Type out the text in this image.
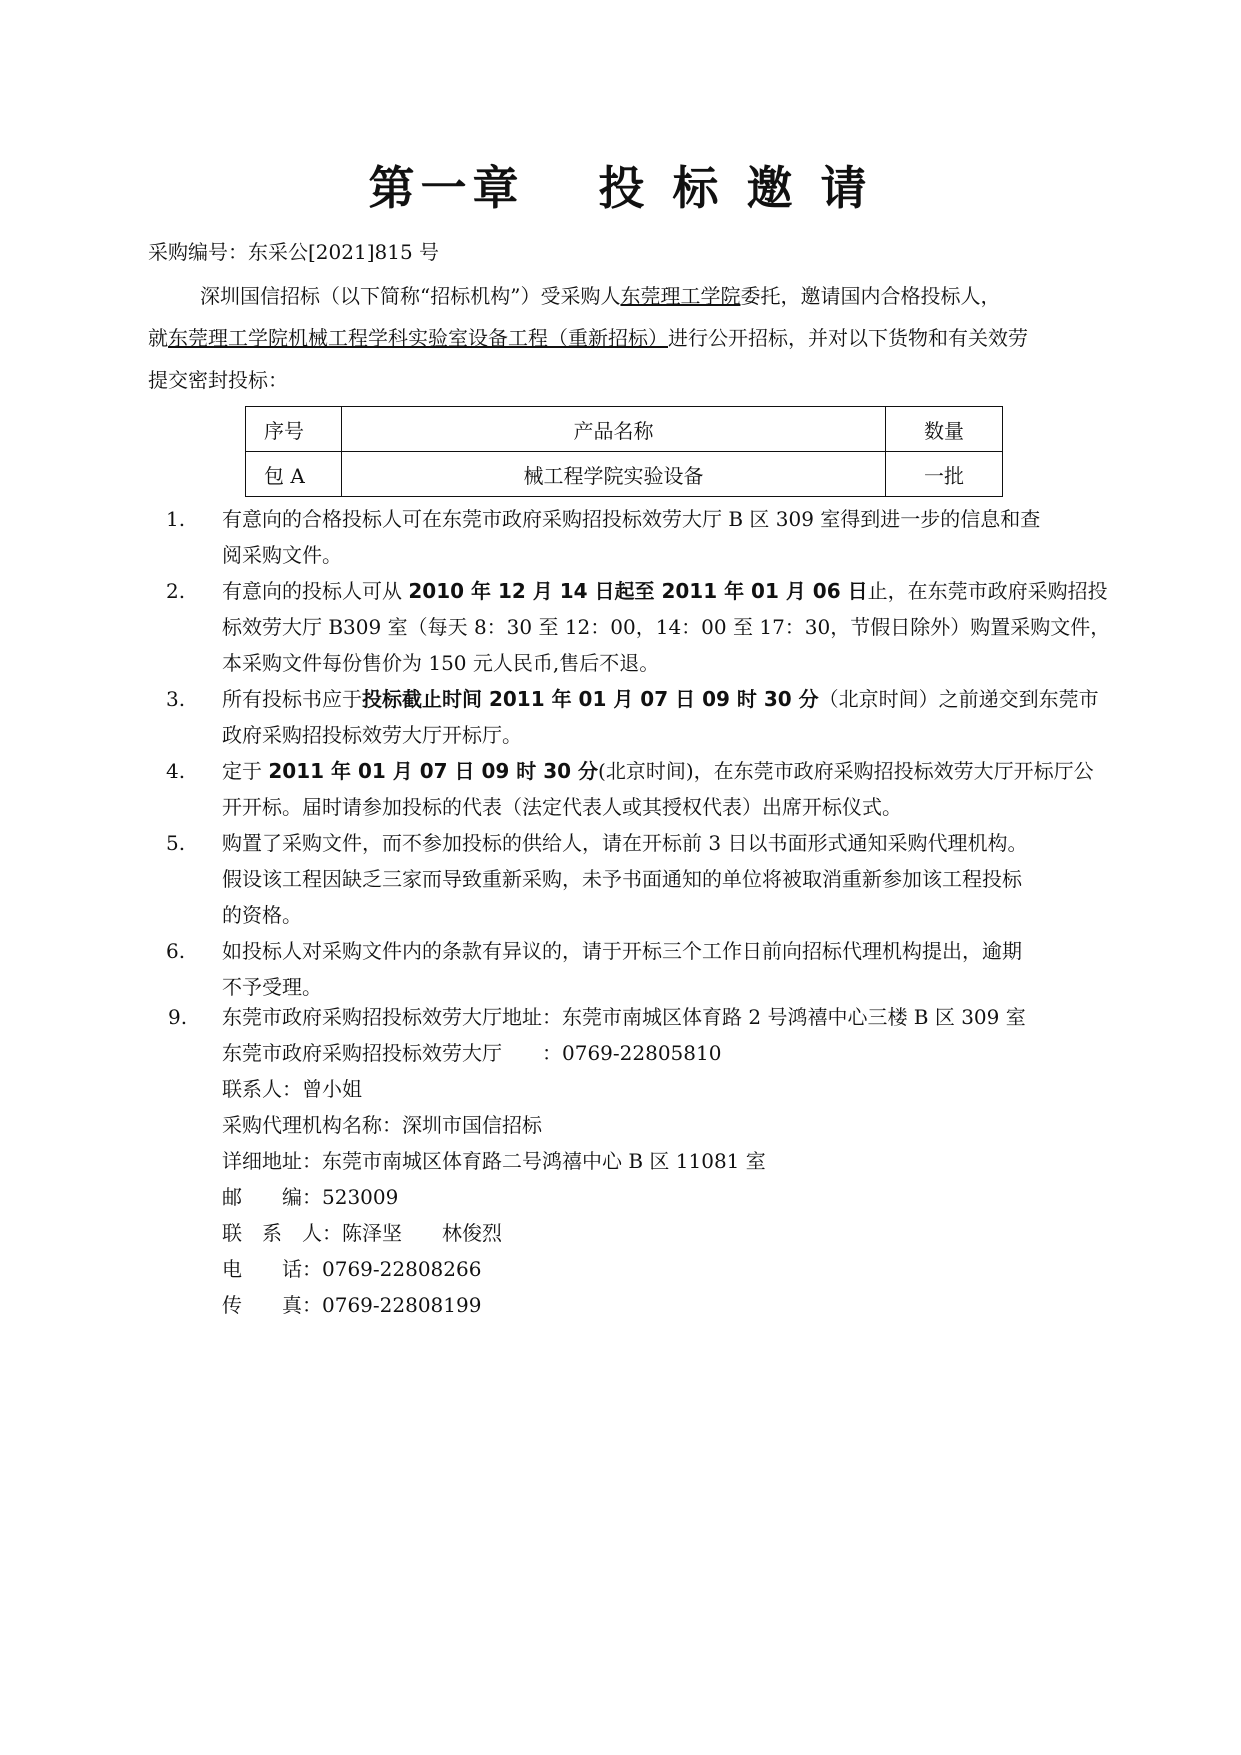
第一章　 投 标 邀 请
采购编号：东采公[2021]815 号
深圳国信招标（以下简称“招标机构”）受采购人东莞理工学院委托，邀请国内合格投标人，
就东莞理工学院机械工程学科实验室设备工程（重新招标）进行公开招标，并对以下货物和有关效劳
提交密封投标：
序号	产品名称	数量
包 A	械工程学院实验设备	一批
1. 有意向的合格投标人可在东莞市政府采购招投标效劳大厅 B 区 309 室得到进一步的信息和查
阅采购文件。
2. 有意向的投标人可从 2010 年 12 月 14 日起至 2011 年 01 月 06 日止，在东莞市政府采购招投
标效劳大厅 B309 室（每天 8：30 至 12：00，14：00 至 17：30，节假日除外）购置采购文件，
本采购文件每份售价为 150 元人民币,售后不退。
3. 所有投标书应于投标截止时间 2011 年 01 月 07 日 09 时 30 分（北京时间）之前递交到东莞市
政府采购招投标效劳大厅开标厅。
4. 定于 2011 年 01 月 07 日 09 时 30 分(北京时间)，在东莞市政府采购招投标效劳大厅开标厅公
开开标。届时请参加投标的代表（法定代表人或其授权代表）出席开标仪式。
5. 购置了采购文件，而不参加投标的供给人，请在开标前 3 日以书面形式通知采购代理机构。
假设该工程因缺乏三家而导致重新采购，未予书面通知的单位将被取消重新参加该工程投标
的资格。
6. 如投标人对采购文件内的条款有异议的，请于开标三个工作日前向招标代理机构提出，逾期
不予受理。
9. 东莞市政府采购招投标效劳大厅地址：东莞市南城区体育路 2 号鸿禧中心三楼 B 区 309 室
东莞市政府采购招投标效劳大厅　　：0769-22805810
联系人：曾小姐
采购代理机构名称：深圳市国信招标
详细地址：东莞市南城区体育路二号鸿禧中心 B 区 11081 室
邮　　编：523009
联　系　人：陈泽坚　　林俊烈
电　　话：0769-22808266
传　　真：0769-22808199
